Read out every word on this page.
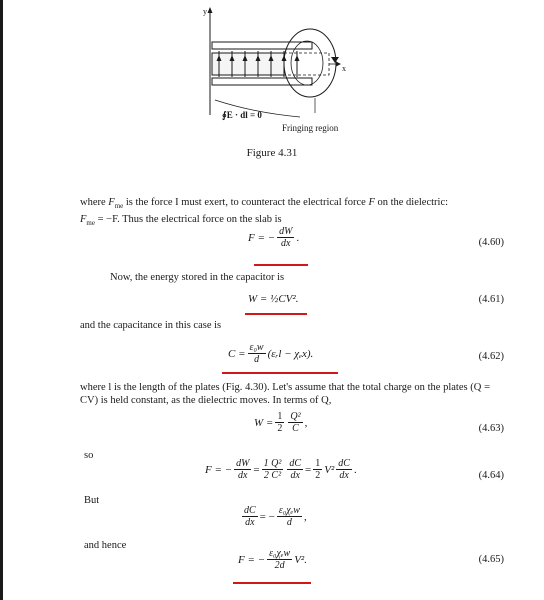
y
x
∮E · dl = 0
Fringing region
Figure 4.31
where $F_{me}$ is the force I must exert, to counteract the electrical force F on the dielectric:
$F_{me} = -F$. Thus the electrical force on the slab is
F = − $\frac{dW}{dx}$ .	(4.60)
Now, the energy stored in the capacitor is
W = ½CV².	(4.61)
and the capacitance in this case is
$C = \frac{\text{ε₀w}}{d}$ (εᵣl − χₑx).	(4.62)
where l is the length of the plates (Fig. 4.30). Let's assume that the total charge on the plates (Q = CV) is held constant, as the dielectric moves. In terms of Q,
$W = \frac{1}{2} \frac{\text{Q²}}{C}$ ,	(4.63)
so
F = − $\frac{dW}{dx} = \frac{\text{1 Q²}}{\text{2 C²}} \frac{dC}{dx} = \frac{1}{2} V^2 \frac{dC}{dx}$ .	(4.64)
But
$\frac{dC}{dx}$ = − $\frac{\text{ε₀χₑw}}{d}$ ,
and hence
F = − $\frac{\text{ε₀χₑw}}{2d} V^2$.	(4.65)
